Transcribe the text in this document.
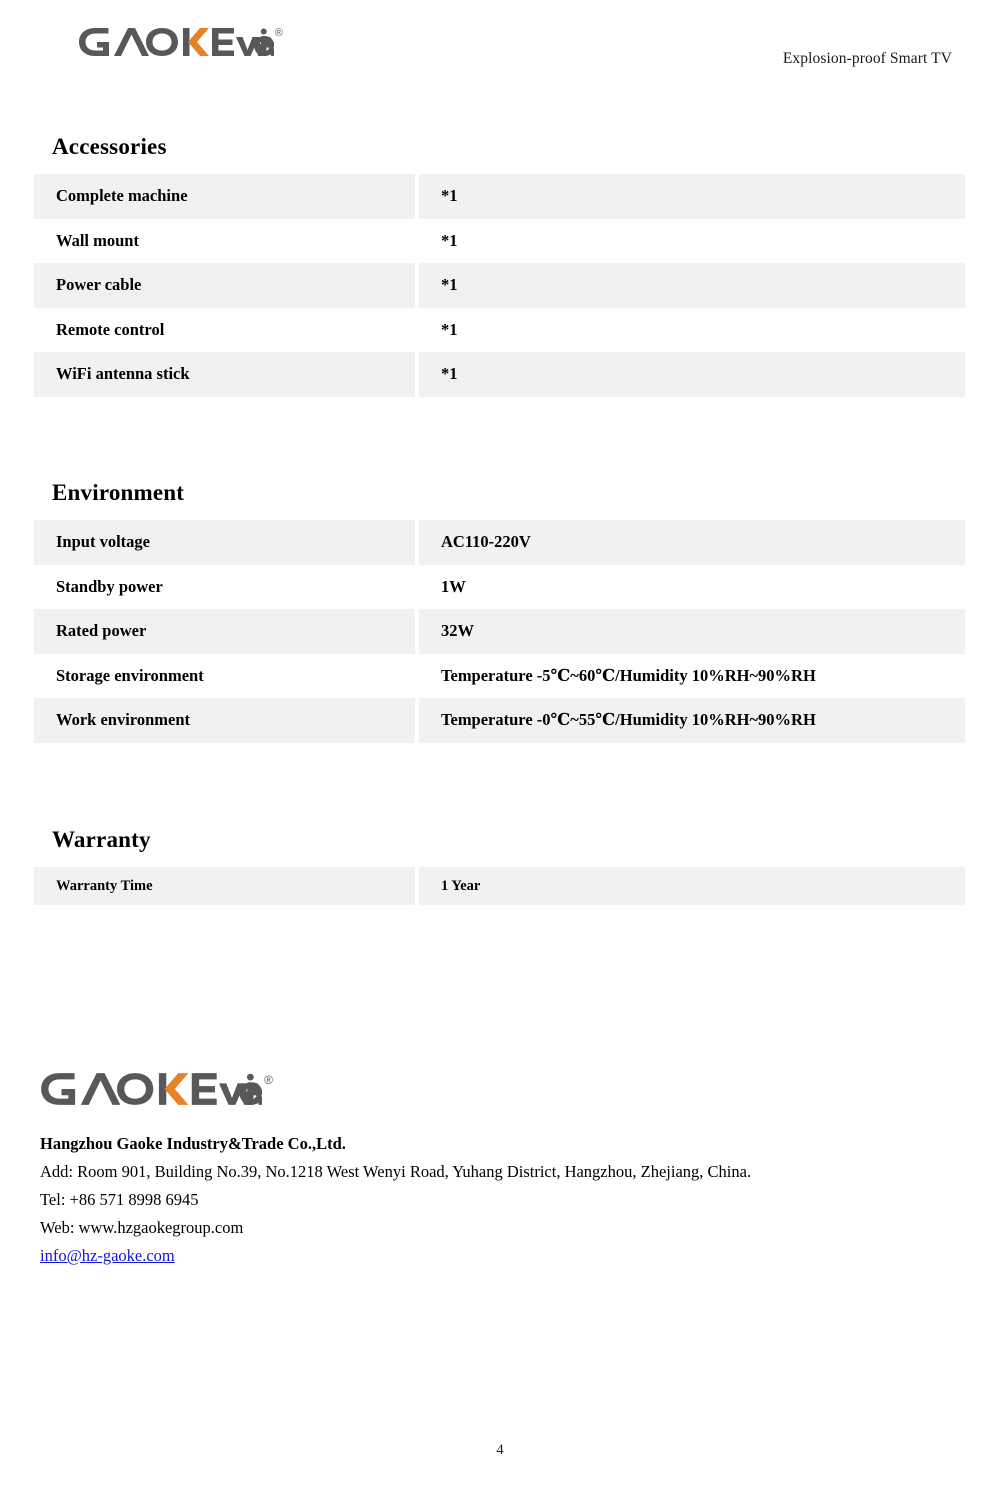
®
Explosion-proof Smart TV
Accessories
Complete machine		*1
Wall mount		*1
Power cable		*1
Remote control		*1
WiFi antenna stick		*1
Environment
Input voltage		AC110-220V
Standby power		⁦1W
Rated power		⁦32W
Storage environment		Temperature -5℃~60℃/Humidity 10%RH~90%RH
Work environment		Temperature -0℃~55℃/Humidity 10%RH~90%RH
Warranty
Warranty Time		1 Year
®
Hangzhou Gaoke Industry&Trade Co.,Ltd.
Add: Room 901, Building No.39, No.1218 West Wenyi Road, Yuhang District, Hangzhou, Zhejiang, China.
Tel: +86 571 8998 6945
Web: www.hzgaokegroup.com
info@hz-gaoke.com
4
